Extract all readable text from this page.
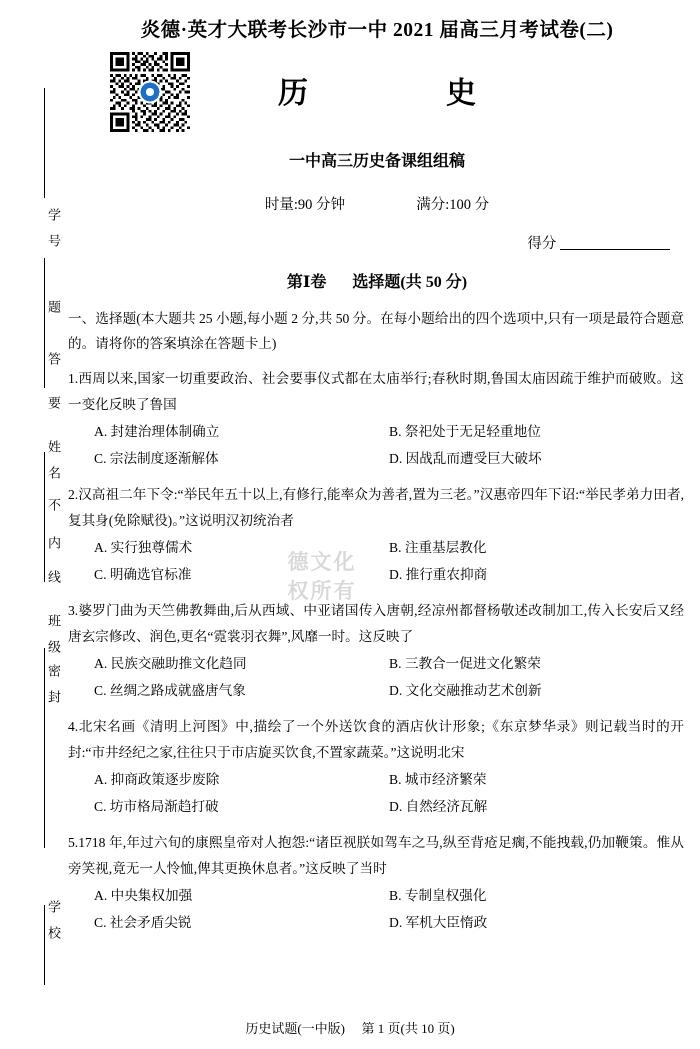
学　号
题
答
要
姓　名
不
内
线
班　级
密　封
学　校
炎德·英才大联考长沙市一中 2021 届高三月考试卷(二)
历　　史
一中高三历史备课组组稿
时量:90 分钟	满分:100 分
得分
第Ⅰ卷 选择题(共 50 分)
一、选择题(本大题共 25 小题,每小题 2 分,共 50 分。在每小题给出的四个选项中,只有一项是最符合题意的。请将你的答案填涂在答题卡上)
1.西周以来,国家一切重要政治、社会要事仪式都在太庙举行;春秋时期,鲁国太庙因疏于维护而破败。这一变化反映了鲁国
A. 封建治理体制确立	B. 祭祀处于无足轻重地位
C. 宗法制度逐渐解体	D. 因战乱而遭受巨大破坏
2.汉高祖二年下令:“举民年五十以上,有修行,能率众为善者,置为三老。”汉惠帝四年下诏:“举民孝弟力田者,复其身(免除赋役)。”这说明汉初统治者
A. 实行独尊儒术	B. 注重基层教化
C. 明确选官标准	D. 推行重农抑商
3.婆罗门曲为天竺佛教舞曲,后从西域、中亚诸国传入唐朝,经凉州都督杨敬述改制加工,传入长安后又经唐玄宗修改、润色,更名“霓裳羽衣舞”,风靡一时。这反映了
A. 民族交融助推文化趋同	B. 三教合一促进文化繁荣
C. 丝绸之路成就盛唐气象	D. 文化交融推动艺术创新
4.北宋名画《清明上河图》中,描绘了一个外送饮食的酒店伙计形象;《东京梦华录》则记载当时的开封:“市井经纪之家,往往只于市店旋买饮食,不置家蔬菜。”这说明北宋
A. 抑商政策逐步废除	B. 城市经济繁荣
C. 坊市格局渐趋打破	D. 自然经济瓦解
5.1718 年,年过六旬的康熙皇帝对人抱怨:“诸臣视朕如驾车之马,纵至背疮足瘸,不能拽载,仍加鞭策。惟从旁笑视,竟无一人怜恤,俾其更换休息者。”这反映了当时
A. 中央集权加强	B. 专制皇权强化
C. 社会矛盾尖锐	D. 军机大臣惰政
德文化
权所有
历史试题(一中版) 第 1 页(共 10 页)
